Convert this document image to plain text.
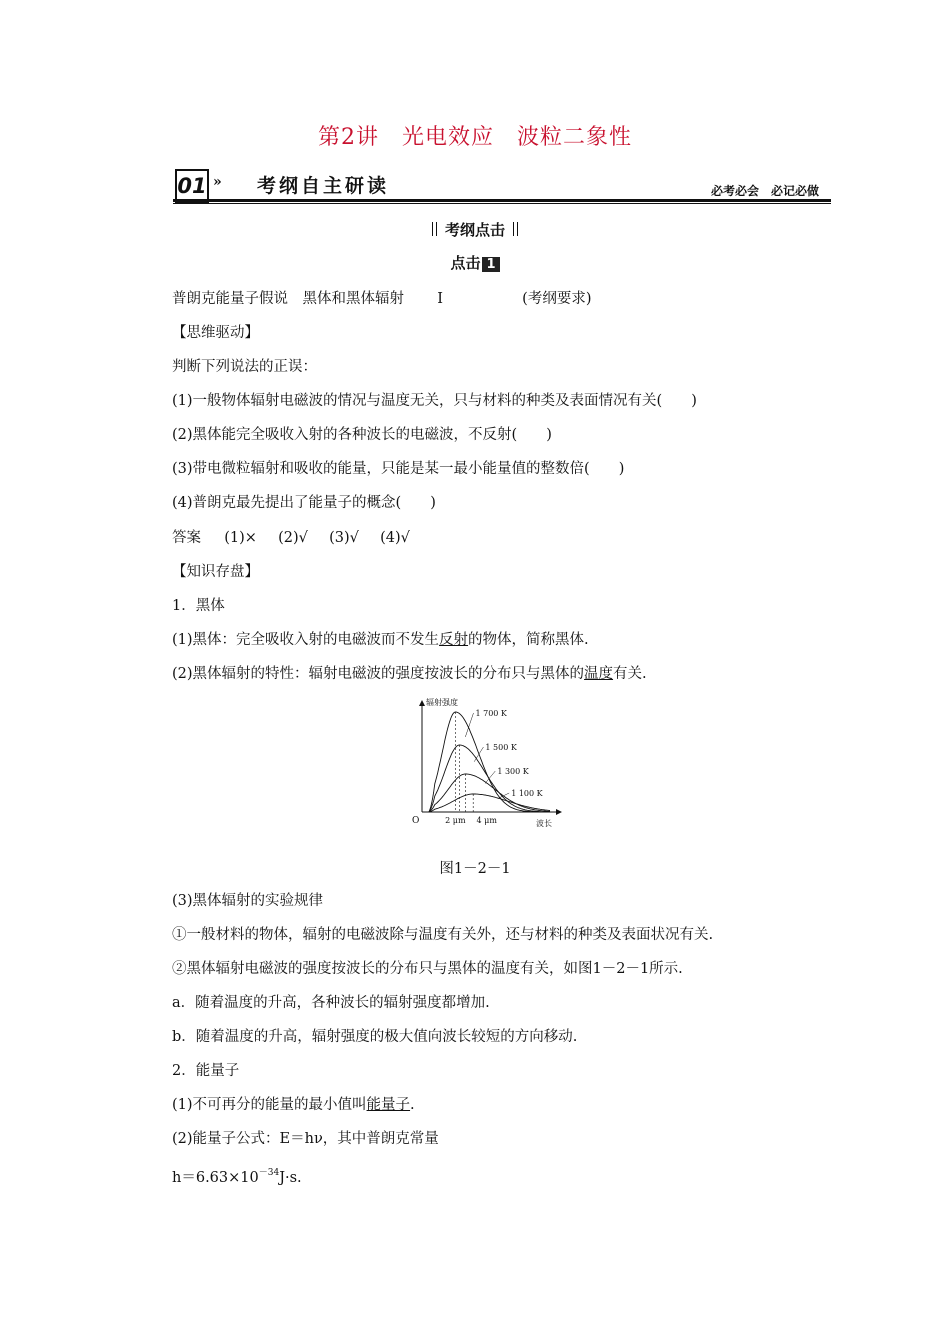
第2讲　光电效应　波粒二象性
01 » 考纲自主研读	必考必会　必记必做
考纲点击
点击 1
普朗克能量子假说　黑体和黑体辐射 Ⅰ	(考纲要求)
【思维驱动】
判断下列说法的正误：
(1)一般物体辐射电磁波的情况与温度无关，只与材料的种类及表面情况有关(　　)
(2)黑体能完全吸收入射的各种波长的电磁波，不反射(　　)
(3)带电微粒辐射和吸收的能量，只能是某一最小能量值的整数倍(　　)
(4)普朗克最先提出了能量子的概念(　　)
答案 (1)× (2)√ (3)√ (4)√
【知识存盘】
1．黑体
(1)黑体：完全吸收入射的电磁波而不发生反射的物体，简称黑体.
(2)黑体辐射的特性：辐射电磁波的强度按波长的分布只与黑体的温度有关.
辐射强度
O	波长
2 μm 4 μm
1 700 K
1 500 K
1 300 K
1 100 K
图1－2－1
(3)黑体辐射的实验规律
①一般材料的物体，辐射的电磁波除与温度有关外，还与材料的种类及表面状况有关.
②黑体辐射电磁波的强度按波长的分布只与黑体的温度有关，如图1－2－1所示.
a．随着温度的升高，各种波长的辐射强度都增加.
b．随着温度的升高，辐射强度的极大值向波长较短的方向移动.
2．能量子
(1)不可再分的能量的最小值叫能量子.
(2)能量子公式：E＝hν，其中普朗克常量
$h=6.63\times 10^{-34}J\cdot s$.
